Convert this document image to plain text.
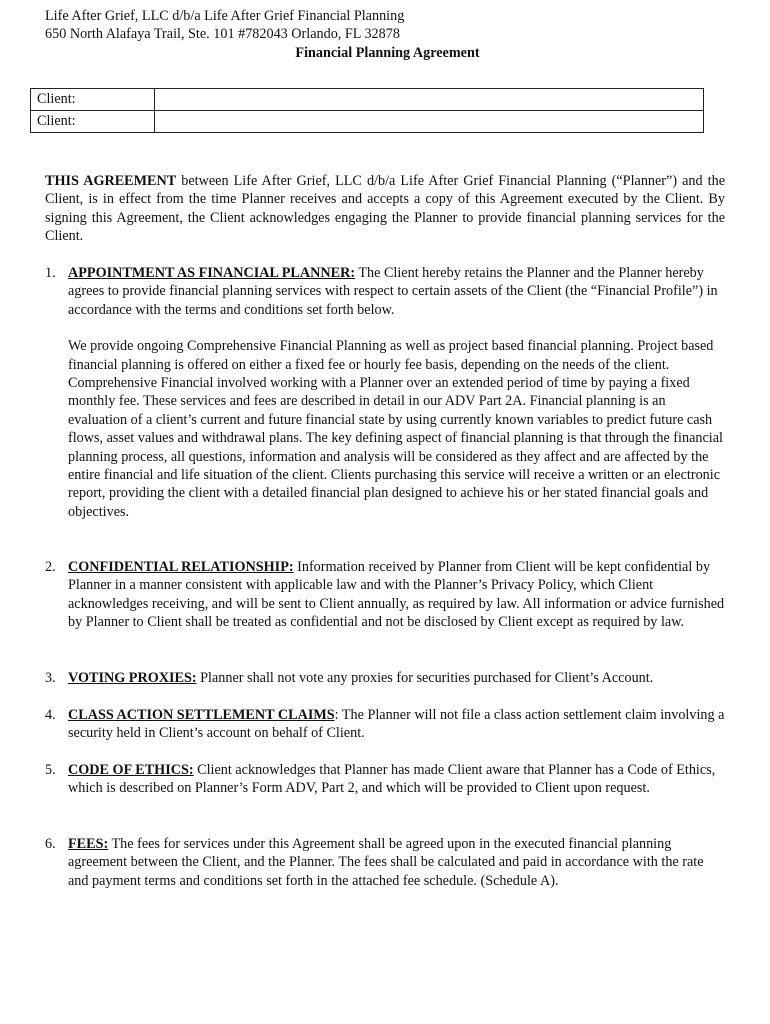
Life After Grief, LLC d/b/a Life After Grief Financial Planning
650 North Alafaya Trail, Ste. 101 #782043 Orlando, FL 32878
Financial Planning Agreement
Client:	
Client:	
THIS AGREEMENT between Life After Grief, LLC d/b/a Life After Grief Financial Planning (“Planner”) and the Client, is in effect from the time Planner receives and accepts a copy of this Agreement executed by the Client. By signing this Agreement, the Client acknowledges engaging the Planner to provide financial planning services for the Client.
1. APPOINTMENT AS FINANCIAL PLANNER: The Client hereby retains the Planner and the Planner hereby agrees to provide financial planning services with respect to certain assets of the Client (the “Financial Profile”) in accordance with the terms and conditions set forth below.
We provide ongoing Comprehensive Financial Planning as well as project based financial planning. Project based financial planning is offered on either a fixed fee or hourly fee basis, depending on the needs of the client. Comprehensive Financial involved working with a Planner over an extended period of time by paying a fixed monthly fee. These services and fees are described in detail in our ADV Part 2A. Financial planning is an evaluation of a client’s current and future financial state by using currently known variables to predict future cash flows, asset values and withdrawal plans. The key defining aspect of financial planning is that through the financial planning process, all questions, information and analysis will be considered as they affect and are affected by the entire financial and life situation of the client. Clients purchasing this service will receive a written or an electronic report, providing the client with a detailed financial plan designed to achieve his or her stated financial goals and objectives.
2. CONFIDENTIAL RELATIONSHIP: Information received by Planner from Client will be kept confidential by Planner in a manner consistent with applicable law and with the Planner’s Privacy Policy, which Client acknowledges receiving, and will be sent to Client annually, as required by law. All information or advice furnished by Planner to Client shall be treated as confidential and not be disclosed by Client except as required by law.
3. VOTING PROXIES: Planner shall not vote any proxies for securities purchased for Client’s Account.
4. CLASS ACTION SETTLEMENT CLAIMS: The Planner will not file a class action settlement claim involving a security held in Client’s account on behalf of Client.
5. CODE OF ETHICS: Client acknowledges that Planner has made Client aware that Planner has a Code of Ethics, which is described on Planner’s Form ADV, Part 2, and which will be provided to Client upon request.
6. FEES: The fees for services under this Agreement shall be agreed upon in the executed financial planning agreement between the Client, and the Planner. The fees shall be calculated and paid in accordance with the rate and payment terms and conditions set forth in the attached fee schedule. (Schedule A).
